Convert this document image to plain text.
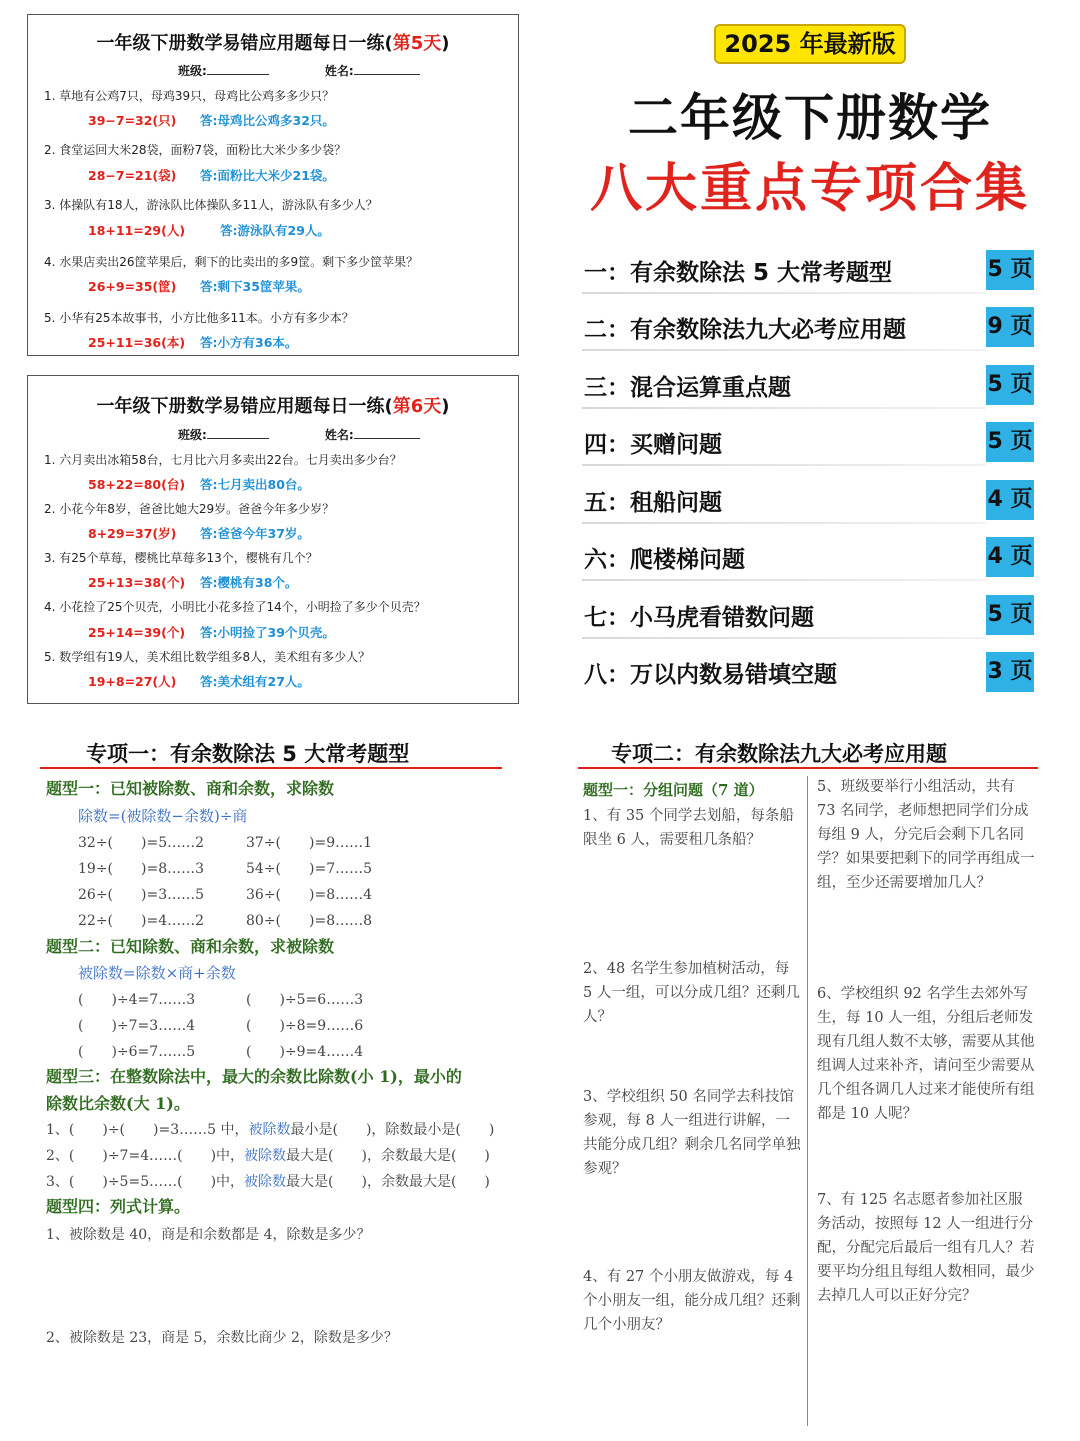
一年级下册数学易错应用题每日一练(第5天)
班级:	姓名:
1. 草地有公鸡7只，母鸡39只，母鸡比公鸡多多少只？
39−7=32(只) 答:母鸡比公鸡多32只。
2. 食堂运回大米28袋，面粉7袋，面粉比大米少多少袋？
28−7=21(袋) 答:面粉比大米少21袋。
3. 体操队有18人，游泳队比体操队多11人，游泳队有多少人？
18+11=29(人)	答:游泳队有29人。
4. 水果店卖出26筐苹果后，剩下的比卖出的多9筐。剩下多少筐苹果？
26+9=35(筐) 答:剩下35筐苹果。
5. 小华有25本故事书，小方比他多11本。小方有多少本？
25+11=36(本) 答:小方有36本。
一年级下册数学易错应用题每日一练(第6天)
班级:	姓名:
1. 六月卖出冰箱58台，七月比六月多卖出22台。七月卖出多少台？
58+22=80(台) 答:七月卖出80台。
2. 小花今年8岁，爸爸比她大29岁。爸爸今年多少岁？
8+29=37(岁) 答:爸爸今年37岁。
3. 有25个草莓，樱桃比草莓多13个，樱桃有几个？
25+13=38(个) 答:樱桃有38个。
4. 小花捡了25个贝壳，小明比小花多捡了14个，小明捡了多少个贝壳？
25+14=39(个) 答:小明捡了39个贝壳。
5. 数学组有19人，美术组比数学组多8人，美术组有多少人？
19+8=27(人) 答:美术组有27人。
2025 年最新版
二年级下册数学
八大重点专项合集
一：有余数除法 5 大常考题型	5 页
二：有余数除法九大必考应用题	9 页
三：混合运算重点题	5 页
四：买赠问题	5 页
五：租船问题	4 页
六：爬楼梯问题	4 页
七：小马虎看错数问题	5 页
八：万以内数易错填空题	3 页
专项一：有余数除法 5 大常考题型
题型一：已知被除数、商和余数，求除数
除数=(被除数−余数)÷商
32÷(　　)=5……2	37÷(　　)=9……1
19÷(　　)=8……3	54÷(　　)=7……5
26÷(　　)=3……5	36÷(　　)=8……4
22÷(　　)=4……2	80÷(　　)=8……8
题型二：已知除数、商和余数，求被除数
被除数=除数×商+余数
(　　)÷4=7……3	(　　)÷5=6……3
(　　)÷7=3……4	(　　)÷8=9……6
(　　)÷6=7……5	(　　)÷9=4……4
题型三：在整数除法中，最大的余数比除数(小 1)，最小的
除数比余数(大 1)。
1、(　　)÷(　　)=3……5 中，被除数最小是(　　)，除数最小是(　　)
2、(　　)÷7=4……(　　)中，被除数最大是(　　)，余数最大是(　　)
3、(　　)÷5=5……(　　)中，被除数最大是(　　)，余数最大是(　　)
题型四：列式计算。
1、被除数是 40，商是和余数都是 4，除数是多少？
2、被除数是 23，商是 5，余数比商少 2，除数是多少？
专项二：有余数除法九大必考应用题
题型一：分组问题（7 道）
1、有 35 个同学去划船，每条船限坐 6 人，需要租几条船？
2、48 名学生参加植树活动，每 5 人一组，可以分成几组？还剩几人？
3、学校组织 50 名同学去科技馆参观，每 8 人一组进行讲解，一共能分成几组？剩余几名同学单独参观？
4、有 27 个小朋友做游戏，每 4 个小朋友一组，能分成几组？还剩几个小朋友？
5、班级要举行小组活动，共有 73 名同学，老师想把同学们分成每组 9 人，分完后会剩下几名同学？如果要把剩下的同学再组成一组，至少还需要增加几人？
6、学校组织 92 名学生去郊外写生，每 10 人一组，分组后老师发现有几组人数不太够，需要从其他组调人过来补齐，请问至少需要从几个组各调几人过来才能使所有组都是 10 人呢？
7、有 125 名志愿者参加社区服务活动，按照每 12 人一组进行分配，分配完后最后一组有几人？若要平均分组且每组人数相同，最少去掉几人可以正好分完？
